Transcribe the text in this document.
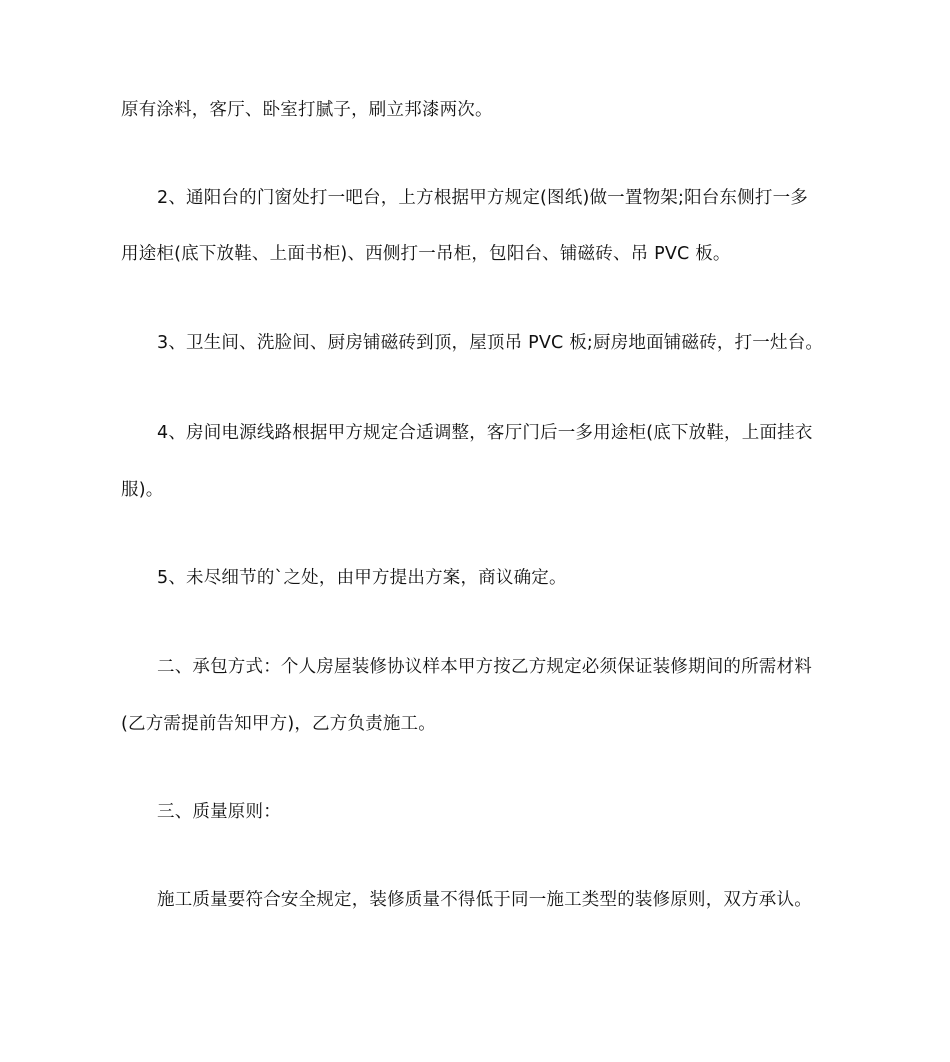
原有涂料，客厅、卧室打腻子，刷立邦漆两次。
2、通阳台的门窗处打一吧台，上方根据甲方规定(图纸)做一置物架;阳台东侧打一多
用途柜(底下放鞋、上面书柜)、西侧打一吊柜，包阳台、铺磁砖、吊 PVC 板。
3、卫生间、洗脸间、厨房铺磁砖到顶，屋顶吊 PVC 板;厨房地面铺磁砖，打一灶台。
4、房间电源线路根据甲方规定合适调整，客厅门后一多用途柜(底下放鞋，上面挂衣
服)。
5、未尽细节的`之处，由甲方提出方案，商议确定。
二、承包方式：个人房屋装修协议样本甲方按乙方规定必须保证装修期间的所需材料
(乙方需提前告知甲方)，乙方负责施工。
三、质量原则：
施工质量要符合安全规定，装修质量不得低于同一施工类型的装修原则，双方承认。
